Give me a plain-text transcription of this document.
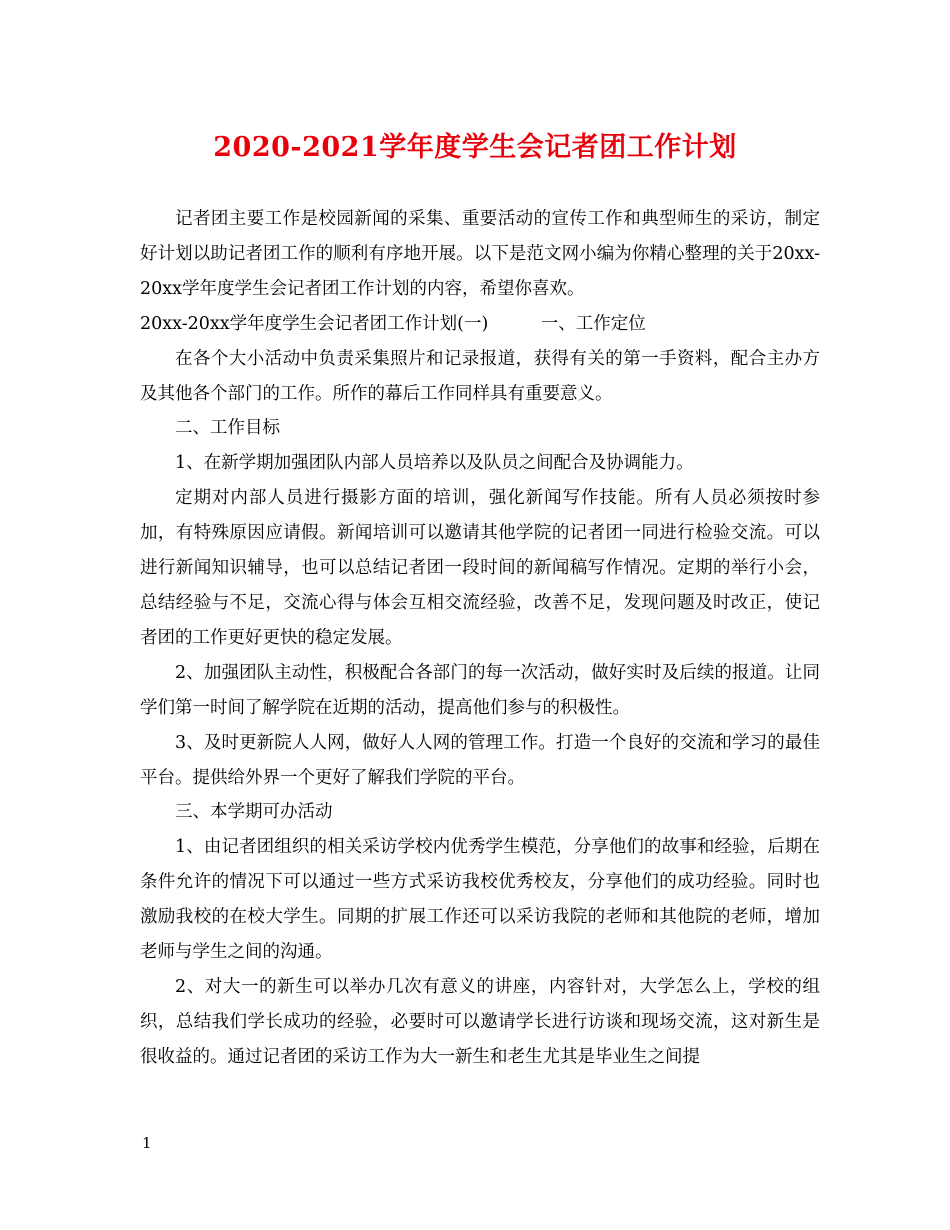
2020-2021学年度学生会记者团工作计划

记者团主要工作是校园新闻的采集、重要活动的宣传工作和典型师生的采访，制定好计划以助记者团工作的顺利有序地开展。以下是范文网小编为你精心整理的关于20xx-20xx学年度学生会记者团工作计划的内容，希望你喜欢。

20xx-20xx学年度学生会记者团工作计划(一)　　　一、工作定位

在各个大小活动中负责采集照片和记录报道，获得有关的第一手资料，配合主办方及其他各个部门的工作。所作的幕后工作同样具有重要意义。

二、工作目标

1、在新学期加强团队内部人员培养以及队员之间配合及协调能力。

定期对内部人员进行摄影方面的培训，强化新闻写作技能。所有人员必须按时参加，有特殊原因应请假。新闻培训可以邀请其他学院的记者团一同进行检验交流。可以进行新闻知识辅导，也可以总结记者团一段时间的新闻稿写作情况。定期的举行小会，总结经验与不足，交流心得与体会互相交流经验，改善不足，发现问题及时改正，使记者团的工作更好更快的稳定发展。

2、加强团队主动性，积极配合各部门的每一次活动，做好实时及后续的报道。让同学们第一时间了解学院在近期的活动，提高他们参与的积极性。

3、及时更新院人人网，做好人人网的管理工作。打造一个良好的交流和学习的最佳平台。提供给外界一个更好了解我们学院的平台。

三、本学期可办活动

1、由记者团组织的相关采访学校内优秀学生模范，分享他们的故事和经验，后期在条件允许的情况下可以通过一些方式采访我校优秀校友，分享他们的成功经验。同时也激励我校的在校大学生。同期的扩展工作还可以采访我院的老师和其他院的老师，增加老师与学生之间的沟通。

2、对大一的新生可以举办几次有意义的讲座，内容针对，大学怎么上，学校的组织，总结我们学长成功的经验，必要时可以邀请学长进行访谈和现场交流，这对新生是很收益的。通过记者团的采访工作为大一新生和老生尤其是毕业生之间提

1
